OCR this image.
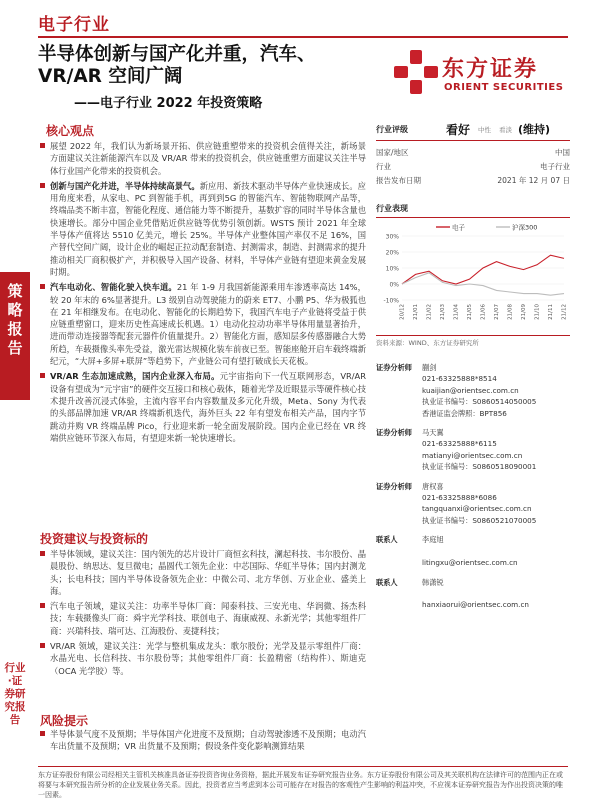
电子行业
半导体创新与国产化并重，汽车、
VR/AR 空间广阔
——电子行业 2022 年投资策略
东方证券
ORIENT SECURITIES
策略报告
行业·证券研究报告
核心观点
展望 2022 年，我们认为新场景开拓、供应链重塑带来的投资机会值得关注，新场景方面建议关注新能源汽车以及 VR/AR 带来的投资机会，供应链重塑方面建议关注半导体行业国产化带来的投资机会。
创新与国产化并进，半导体持续高景气。新应用、新技术驱动半导体产业快速成长。应用角度来看，从家电、PC 到智能手机，再到到5G 的智能汽车、智能物联网产品等，终端品类不断丰富，智能化程度、通信能力等不断提升，基数扩容的同时半导体含量也快速增长。部分中国企业凭借贴近供应链等优势引领创新。WSTS 预计 2021 年全球半导体产值将达 5510 亿美元，增长 25%。半导体产业整体国产率仅不足 16%，国产替代空间广阔，设计企业的崛起正拉动配套制造、封测需求，制造、封测需求的提升推动相关厂商积极扩产，并积极导入国产设备、材料，半导体产业链有望迎来黄金发展时期。
汽车电动化、智能化驶入快车道。21 年 1-9 月我国新能源乘用车渗透率高达 14%，较 20 年末的 6%显著提升。L3 级别自动驾驶能力的蔚来 ET7、小鹏 P5、华为极狐也在 21 年相继发布。在电动化、智能化的长期趋势下，我国汽车电子产业链将受益于供应链重塑窗口，迎来历史性高速成长机遇。1）电动化拉动功率半导体用量显著抬升，进而带动连接器等配套元器件价值量提升。2）智能化方面，感知层多传感器融合大势所趋，车载摄像头率先受益，激光雷达规模化装车前夜已至。智能座舱开启车载终端新纪元，“大屏+多屏+联屏”等趋势下，产业链公司有望打破成长天花板。
VR/AR 生态加速成熟，国内企业深入布局。元宇宙指向下一代互联网形态，VR/AR 设备有望成为“元宇宙”的硬件交互接口和核心载体，随着光学及近眼显示等硬件核心技术提升改善沉浸式体验，主流内容平台内容数量及多元化升级，Meta、Sony 为代表的头部品牌加速 VR/AR 终端新机迭代，海外巨头 22 年有望发布相关产品，国内字节跳动并购 VR 终端品牌 Pico，行业迎来新一轮全面发展阶段。国内企业已经在 VR 终端供应链环节深入布局，有望迎来新一轮快速增长。
投资建议与投资标的
半导体领域，建议关注：国内领先的芯片设计厂商恒玄科技，澜起科技、韦尔股份、晶晨股份、纳思达、复旦微电；晶圆代工领先企业：中芯国际、华虹半导体；国内封测龙头；长电科技；国内半导体设备领先企业：中微公司、北方华创、万业企业、盛美上海。
汽车电子领域，建议关注：功率半导体厂商：闻泰科技、三安光电、华润微、扬杰科技；车载摄像头厂商：舜宇光学科技、联创电子、海康威视、永新光学；其他零组件厂商：兴瑞科技、瑞可达、江海股份、麦捷科技；
VR/AR 领域，建议关注：光学与整机集成龙头：歌尔股份；光学及显示零组件厂商：水晶光电、长信科技、韦尔股份等；其他零组件厂商：长盈精密（结构件）、斯迪克（OCA 光学胶）等。
风险提示
半导体景气度不及预期；半导体国产化进度不及预期；自动驾驶渗透不及预期；电动汽车出货量不及预期；VR 出货量不及预期；假设条件变化影响测算结果
行业评级	看好 中性 看淡 (维持)
国家/地区	中国
行业	电子行业
报告发布日期	2021 年 12 月 07 日
行业表现
30%
20%
10%
0%
-10%
20/12 21/01 21/02 21/03 21/04 21/05 21/06 21/07 21/08 21/09 21/10 21/11 21/12
电子	沪深300
资料来源：WIND、东方证券研究所
证券分析师	蒯剑
021-63325888*8514
kuaijian@orientsec.com.cn
执业证书编号：S0860514050005
香港证监会牌照：BPT856
证券分析师	马天翼
021-63325888*6115
matianyi@orientsec.com.cn
执业证书编号：S0860518090001
证券分析师	唐权喜
021-63325888*6086
tangquanxi@orientsec.com.cn
执业证书编号：S0860521070005
联系人	李庭旭

litingxu@orientsec.com.cn
联系人	韩潇锐

hanxiaorui@orientsec.com.cn
东方证券股份有限公司经相关主管机关核准具备证券投资咨询业务资格，据此开展发布证券研究报告业务。东方证券股份有限公司及其关联机构在法律许可的范围内正在或将要与本研究报告所分析的企业发展业务关系。因此，投资者应当考虑到本公司可能存在对报告的客观性产生影响的利益冲突，不应视本证券研究报告为作出投资决策的唯一因素。
